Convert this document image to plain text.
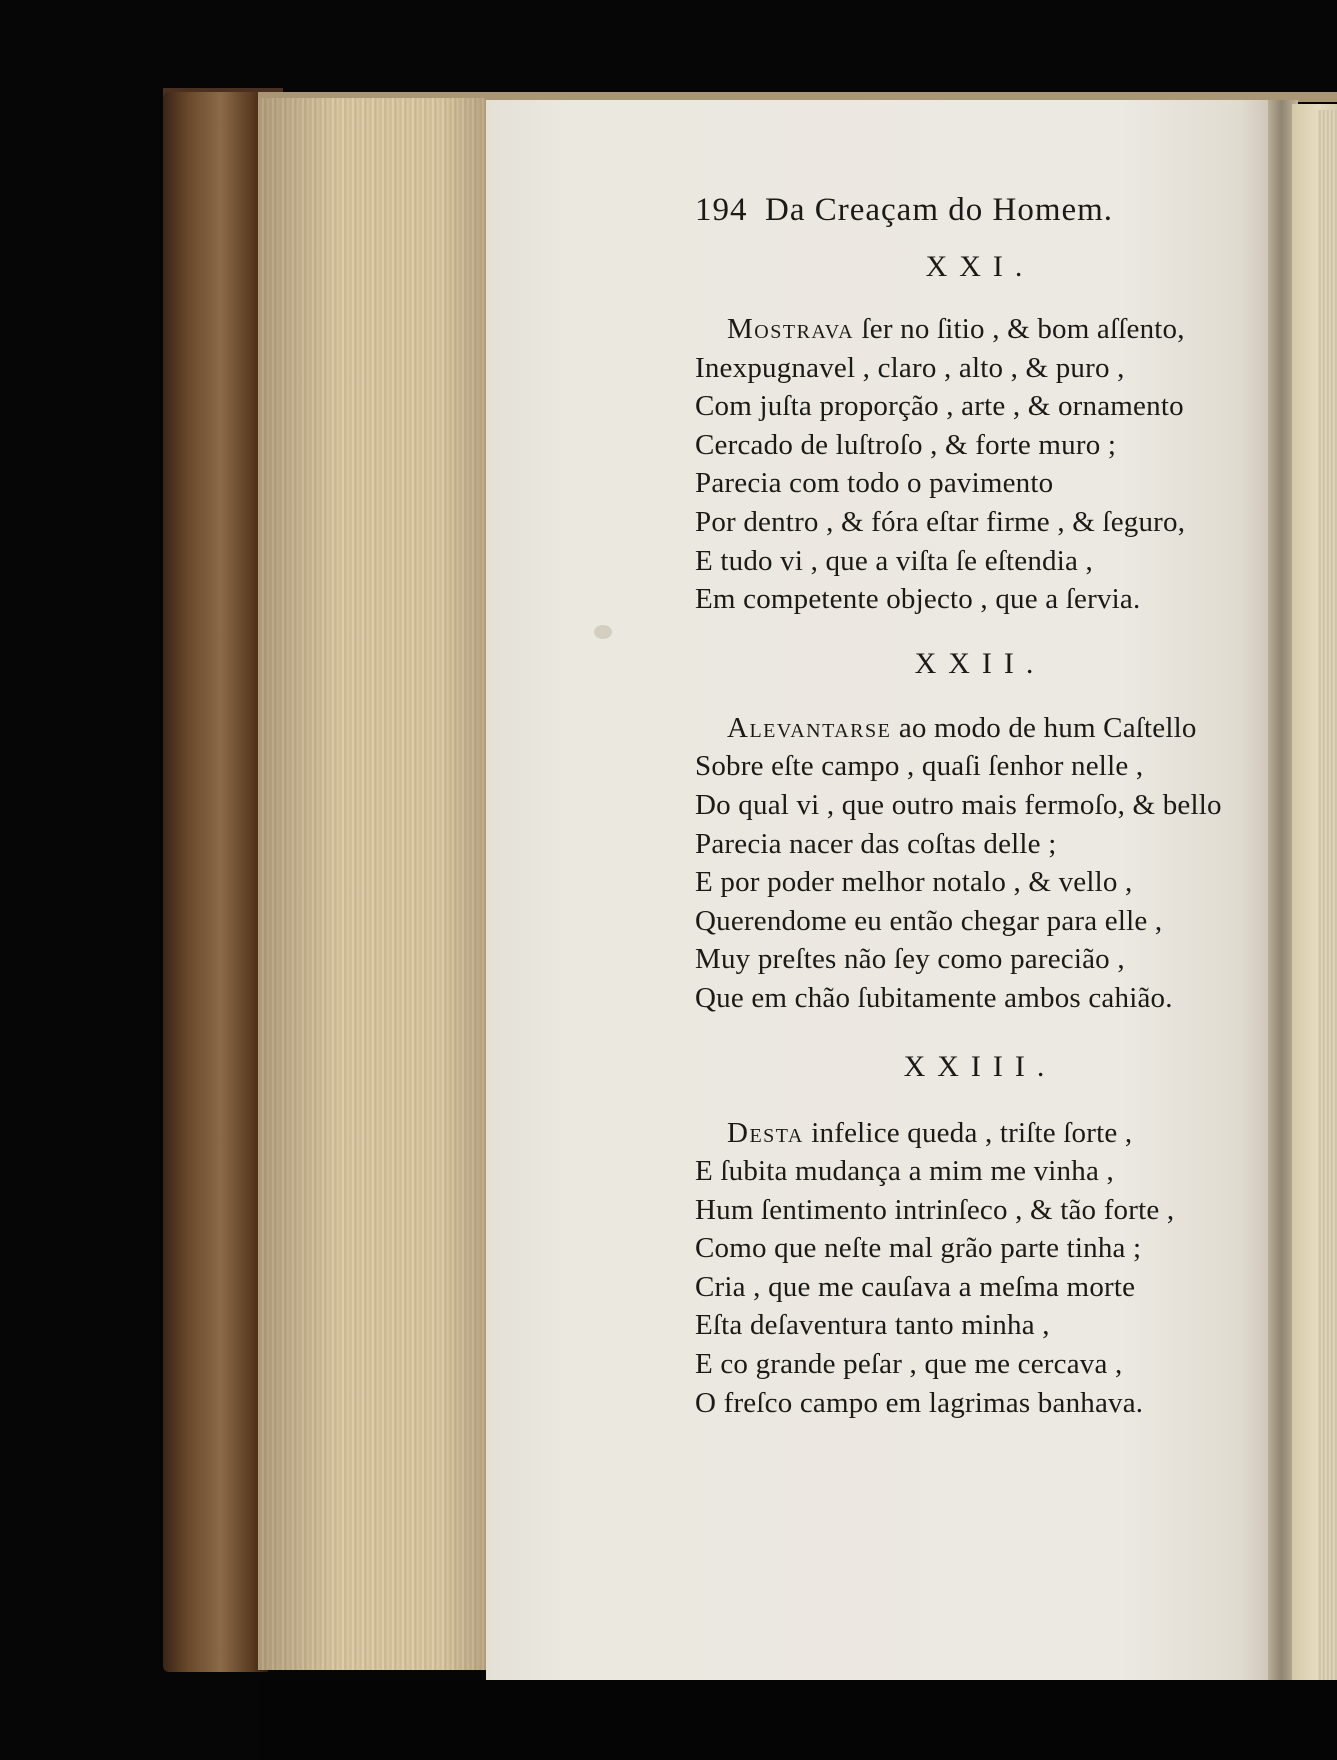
194 Da Creaçam do Homem.
XXI.
Mostrava ſer no ſitio , & bom aſſento,
Inexpugnavel , claro , alto , & puro ,
Com juſta proporção , arte , & ornamento
Cercado de luſtroſo , & forte muro ;
Parecia com todo o pavimento
Por dentro , & fóra eſtar firme , & ſeguro,
E tudo vi , que a viſta ſe eſtendia ,
Em competente objecto , que a ſervia.
XXII.
Alevantarse ao modo de hum Caſtello
Sobre eſte campo , quaſi ſenhor nelle ,
Do qual vi , que outro mais fermoſo, & bello
Parecia nacer das coſtas delle ;
E por poder melhor notalo , & vello ,
Querendome eu então chegar para elle ,
Muy preſtes não ſey como parecião ,
Que em chão ſubitamente ambos cahião.
XXIII.
Desta infelice queda , triſte ſorte ,
E ſubita mudança a mim me vinha ,
Hum ſentimento intrinſeco , & tão forte ,
Como que neſte mal grão parte tinha ;
Cria , que me cauſava a meſma morte
Eſta deſaventura tanto minha ,
E co grande peſar , que me cercava ,
O freſco campo em lagrimas banhava.
